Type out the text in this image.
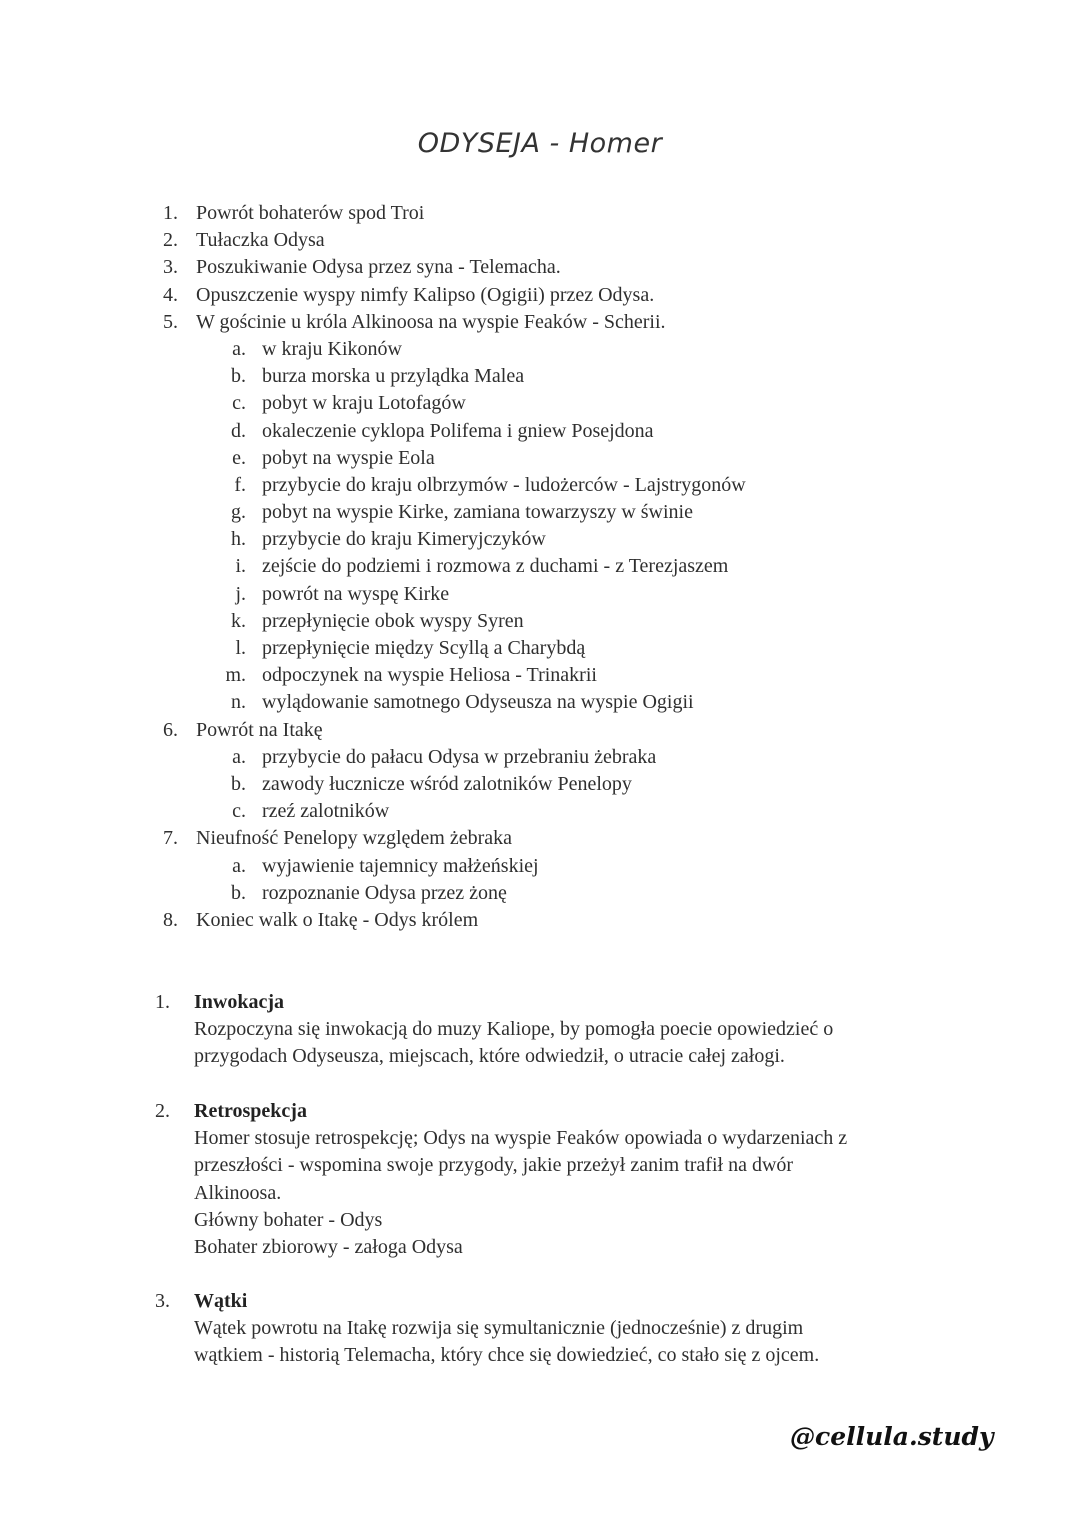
ODYSEJA - Homer
1. Powrót bohaterów spod Troi
2. Tułaczka Odysa
3. Poszukiwanie Odysa przez syna - Telemacha.
4. Opuszczenie wyspy nimfy Kalipso (Ogigii) przez Odysa.
5. W gościnie u króla Alkinoosa na wyspie Feaków - Scherii.
a. w kraju Kikonów
b. burza morska u przylądka Malea
c. pobyt w kraju Lotofagów
d. okaleczenie cyklopa Polifema i gniew Posejdona
e. pobyt na wyspie Eola
f. przybycie do kraju olbrzymów - ludożerców - Lajstrygonów
g. pobyt na wyspie Kirke, zamiana towarzyszy w świnie
h. przybycie do kraju Kimeryjczyków
i. zejście do podziemi i rozmowa z duchami - z Terezjaszem
j. powrót na wyspę Kirke
k. przepłynięcie obok wyspy Syren
l. przepłynięcie między Scyllą a Charybdą
m. odpoczynek na wyspie Heliosa - Trinakrii
n. wylądowanie samotnego Odyseusza na wyspie Ogigii
6. Powrót na Itakę
a. przybycie do pałacu Odysa w przebraniu żebraka
b. zawody łucznicze wśród zalotników Penelopy
c. rzeź zalotników
7. Nieufność Penelopy względem żebraka
a. wyjawienie tajemnicy małżeńskiej
b. rozpoznanie Odysa przez żonę
8. Koniec walk o Itakę - Odys królem
1. Inwokacja
Rozpoczyna się inwokacją do muzy Kaliope, by pomogła poecie opowiedzieć o
przygodach Odyseusza, miejscach, które odwiedził, o utracie całej załogi.
2. Retrospekcja
Homer stosuje retrospekcję; Odys na wyspie Feaków opowiada o wydarzeniach z
przeszłości - wspomina swoje przygody, jakie przeżył zanim trafił na dwór
Alkinoosa.
Główny bohater - Odys
Bohater zbiorowy - załoga Odysa
3. Wątki
Wątek powrotu na Itakę rozwija się symultanicznie (jednocześnie) z drugim
wątkiem - historią Telemacha, który chce się dowiedzieć, co stało się z ojcem.
@cellula.study
